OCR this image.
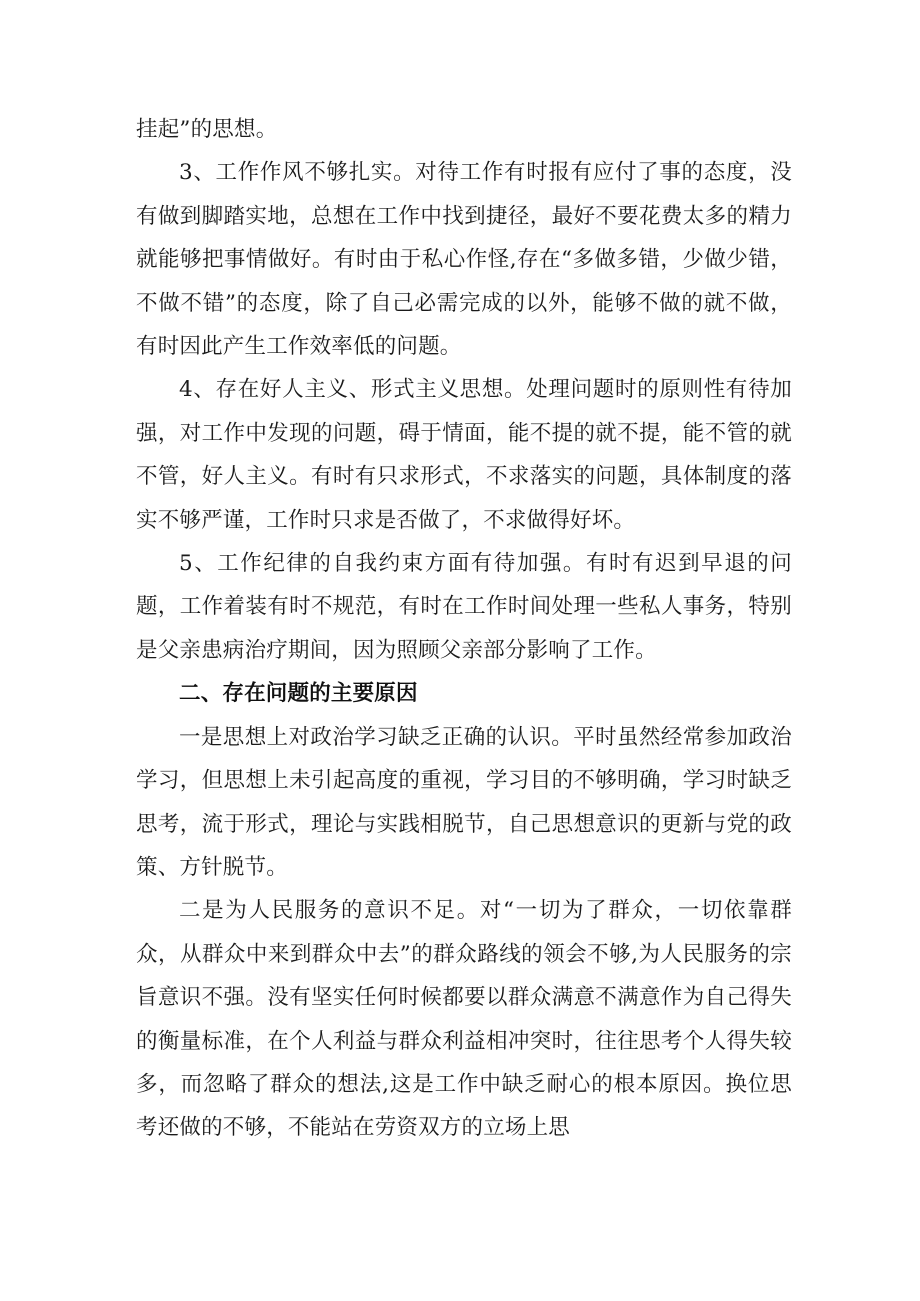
挂起”的思想。

3、工作作风不够扎实。对待工作有时报有应付了事的态度，没有做到脚踏实地，总想在工作中找到捷径，最好不要花费太多的精力就能够把事情做好。有时由于私心作怪,存在“多做多错，少做少错，不做不错”的态度，除了自己必需完成的以外，能够不做的就不做，有时因此产生工作效率低的问题。

4、存在好人主义、形式主义思想。处理问题时的原则性有待加强，对工作中发现的问题，碍于情面，能不提的就不提，能不管的就不管，好人主义。有时有只求形式，不求落实的问题，具体制度的落实不够严谨，工作时只求是否做了，不求做得好坏。

5、工作纪律的自我约束方面有待加强。有时有迟到早退的问题，工作着装有时不规范，有时在工作时间处理一些私人事务，特别是父亲患病治疗期间，因为照顾父亲部分影响了工作。

二、存在问题的主要原因

一是思想上对政治学习缺乏正确的认识。平时虽然经常参加政治学习，但思想上未引起高度的重视，学习目的不够明确，学习时缺乏思考，流于形式，理论与实践相脱节，自己思想意识的更新与党的政策、方针脱节。

二是为人民服务的意识不足。对“一切为了群众，一切依靠群众，从群众中来到群众中去”的群众路线的领会不够,为人民服务的宗旨意识不强。没有坚实任何时候都要以群众满意不满意作为自己得失的衡量标准，在个人利益与群众利益相冲突时，往往思考个人得失较多，而忽略了群众的想法,这是工作中缺乏耐心的根本原因。换位思考还做的不够，不能站在劳资双方的立场上思
